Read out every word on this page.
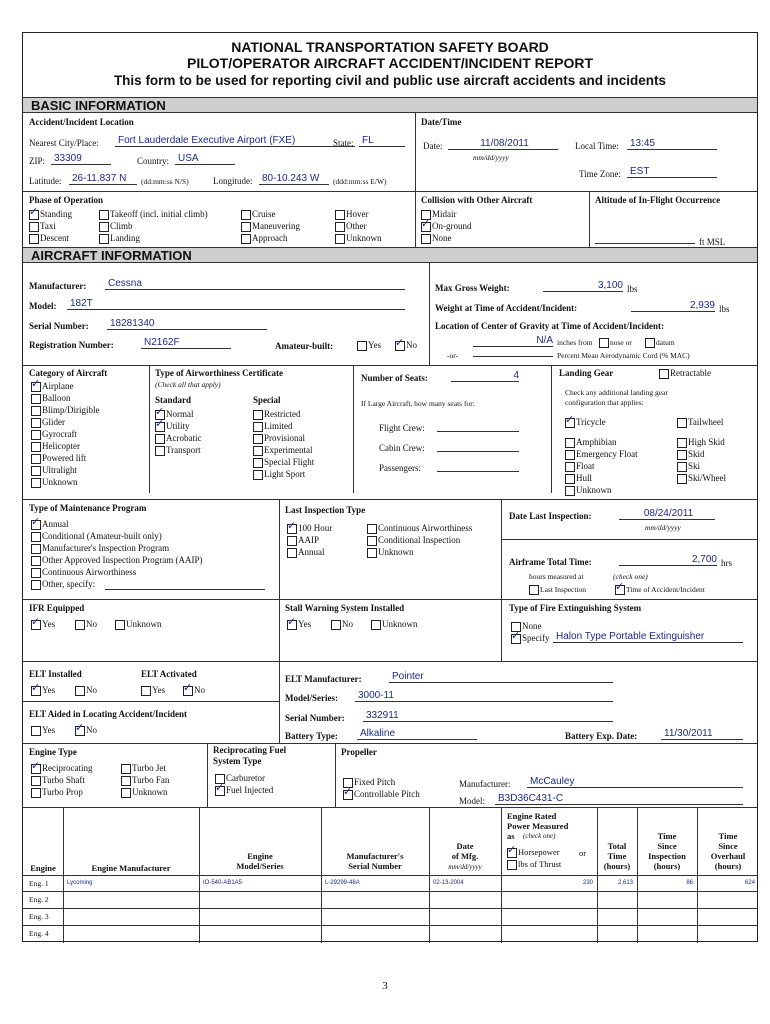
NATIONAL TRANSPORTATION SAFETY BOARD
PILOT/OPERATOR AIRCRAFT ACCIDENT/INCIDENT REPORT
This form to be used for reporting civil and public use aircraft accidents and incidents
BASIC INFORMATION
Accident/Incident Location
Nearest City/Place:	Fort Lauderdale Executive Airport (FXE)	State: FL
ZIP: 33309	Country: USA
Latitude:	26-11.837 N	(dd:mm:ss N/S)	Longitude: 80-10.243 W	(ddd:mm:ss E/W)
Date/Time
Date:	11/08/2011
mm/dd/yyyy
Local Time:	13:45
Time Zone: EST
Phase of Operation
Standing ✓
Taxi
Descent
Takeoff (incl. initial climb)
Climb
Landing
Cruise
Maneuvering
Approach
Hover
Other
Unknown
Collision with Other Aircraft
Midair
On-ground ✓
None
Altitude of In-Flight Occurrence
ft MSL
AIRCRAFT INFORMATION
Manufacturer:	Cessna
Model:	182T
Serial Number:	18281340
Registration Number:	N2162F	Amateur-built:	Yes	No ✓
Max Gross Weight:	3,100 lbs
Weight at Time of Accident/Incident:	2,939 lbs
Location of Center of Gravity at Time of Accident/Incident:
N/A inches from	nose or	datum
-or-	Percent Mean Aerodynamic Cord (% MAC)
Category of Aircraft
Airplane ✓
Balloon
Blimp/Dirigible
Glider
Gyrocraft
Helicopter
Powered lift
Ultralight
Unknown
Type of Airworthiness Certificate
(Check all that apply)
Standard
Normal ✓
Utility ✓
Acrobatic
Transport
Special
Restricted
Limited
Provisional
Experimental
Special Flight
Light Sport
Number of Seats:	4
If Large Aircraft, how many seats for:
Flight Crew:
Cabin Crew:
Passengers:
Landing Gear	Retractable
Check any additional landing gear
configuration that applies:
Tricycle ✓	Tailwheel
Amphibian	High Skid
Emergency Float	Skid
Float	Ski
Hull	Ski/Wheel
Unknown
Type of Maintenance Program
Annual ✓
Conditional (Amateur-built only)
Manufacturer's Inspection Program
Other Approved Inspection Program (AAIP)
Continuous Airworthiness
Other, specify:
Last Inspection Type
100 Hour ✓
AAIP
Annual
Continuous Airworthiness
Conditional Inspection
Unknown
Date Last Inspection:	08/24/2011
mm/dd/yyyy
Airframe Total Time:	2,700 hrs
hours measured at	(check one)
Last Inspection	Time of Accident/Incident ✓
IFR Equipped
Yes ✓	No	Unknown
Stall Warning System Installed
Yes ✓	No	Unknown
Type of Fire Extinguishing System
None
Specify ✓ Halon Type Portable Extinguisher
ELT Installed
Yes ✓	No
ELT Activated
Yes	No ✓
ELT Aided in Locating Accident/Incident
Yes	No ✓
ELT Manufacturer:	Pointer
Model/Series:	3000-11
Serial Number:	332911
Battery Type:	Alkaline	Battery Exp. Date:	11/30/2011
Engine Type
Reciprocating ✓
Turbo Shaft
Turbo Prop
Turbo Jet
Turbo Fan
Unknown
Reciprocating Fuel
System Type
Carburetor
Fuel Injected ✓
Propeller
Fixed Pitch
Controllable Pitch ✓
Manufacturer:	McCauley
Model:	B3D36C431-C
Engine	Engine Manufacturer
Engine
Model/Series
Manufacturer's
Serial Number
Date
of Mfg.
mm/dd/yyyy
Engine Rated
Power Measured
as	(check one)
Horsepower ✓ or
lbs of Thrust
Total
Time
(hours)
Time
Since
Inspection
(hours)
Time
Since
Overhaul
(hours)
Eng. 1	Lycoming	IO-540-AB1A5	L-29299-48A	02-13-2004	230	2,613	86	624
Eng. 2
Eng. 3
Eng. 4
3
